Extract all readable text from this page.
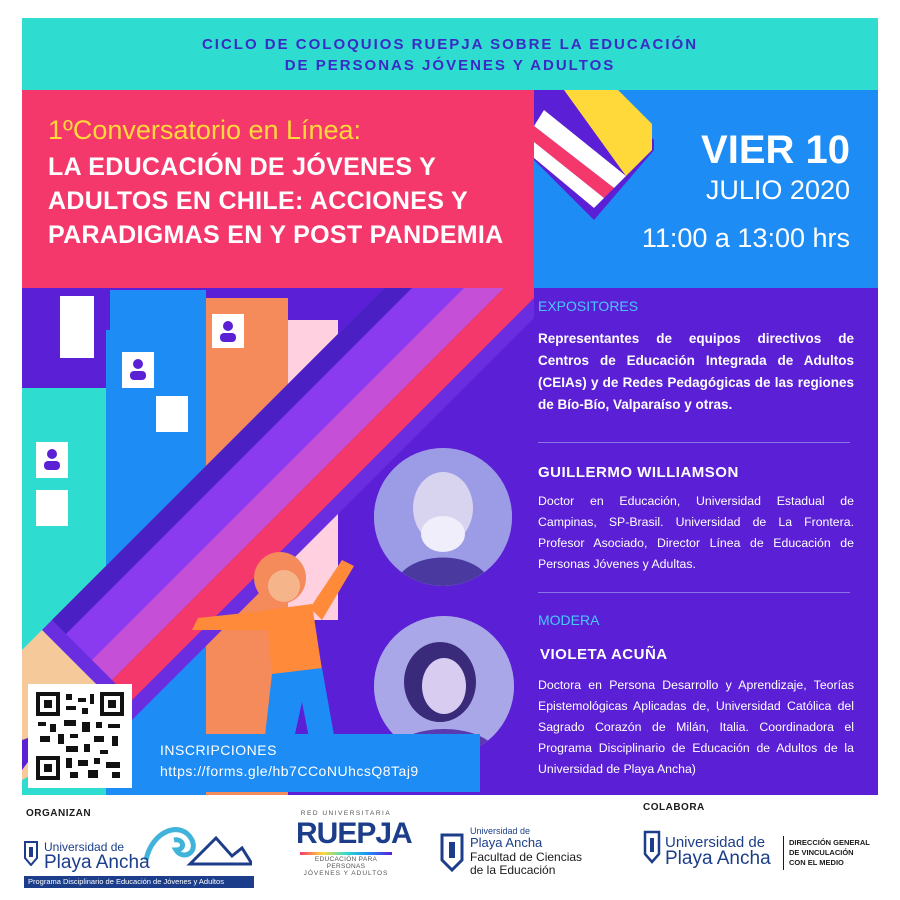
CICLO DE COLOQUIOS RUEPJA SOBRE LA EDUCACIÓN

DE PERSONAS JÓVENES Y ADULTOS

1ºConversatorio en Línea:
LA EDUCACIÓN DE JÓVENES Y
ADULTOS EN CHILE: ACCIONES Y
PARADIGMAS EN Y POST PANDEMIA
VIER 10
JULIO 2020
11:00 a 13:00 hrs
EXPOSITORES
Representantes de equipos directivos de Centros de Educación Integrada de Adultos (CEIAs) y de Redes Pedagógicas de las regiones de Bío-Bío, Valparaíso y otras.
GUILLERMO WILLIAMSON
Doctor en Educación, Universidad Estadual de Campinas, SP-Brasil. Universidad de La Frontera. Profesor Asociado, Director Línea de Educación de Personas Jóvenes y Adultas.
MODERA
VIOLETA ACUÑA
Doctora en Persona Desarrollo y Aprendizaje, Teorías Epistemológicas Aplicadas de, Universidad Católica del Sagrado Corazón de Milán, Italia. Coordinadora el Programa Disciplinario de Educación de Adultos de la Universidad de Playa Ancha)
INSCRIPCIONES
https://forms.gle/hb7CCoNUhcsQ8Taj9
ORGANIZAN
COLABORA
Universidad de
Playa Ancha
Programa Disciplinario de Educación de Jóvenes y Adultos
RED UNIVERSITARIA
RUEPJA
EDUCACIÓN PARA PERSONAS
JÓVENES Y ADULTOS
Universidad de
Playa Ancha
Facultad de Ciencias
de la Educación
Universidad de
Playa Ancha
DIRECCIÓN GENERAL
DE VINCULACIÓN
CON EL MEDIO
